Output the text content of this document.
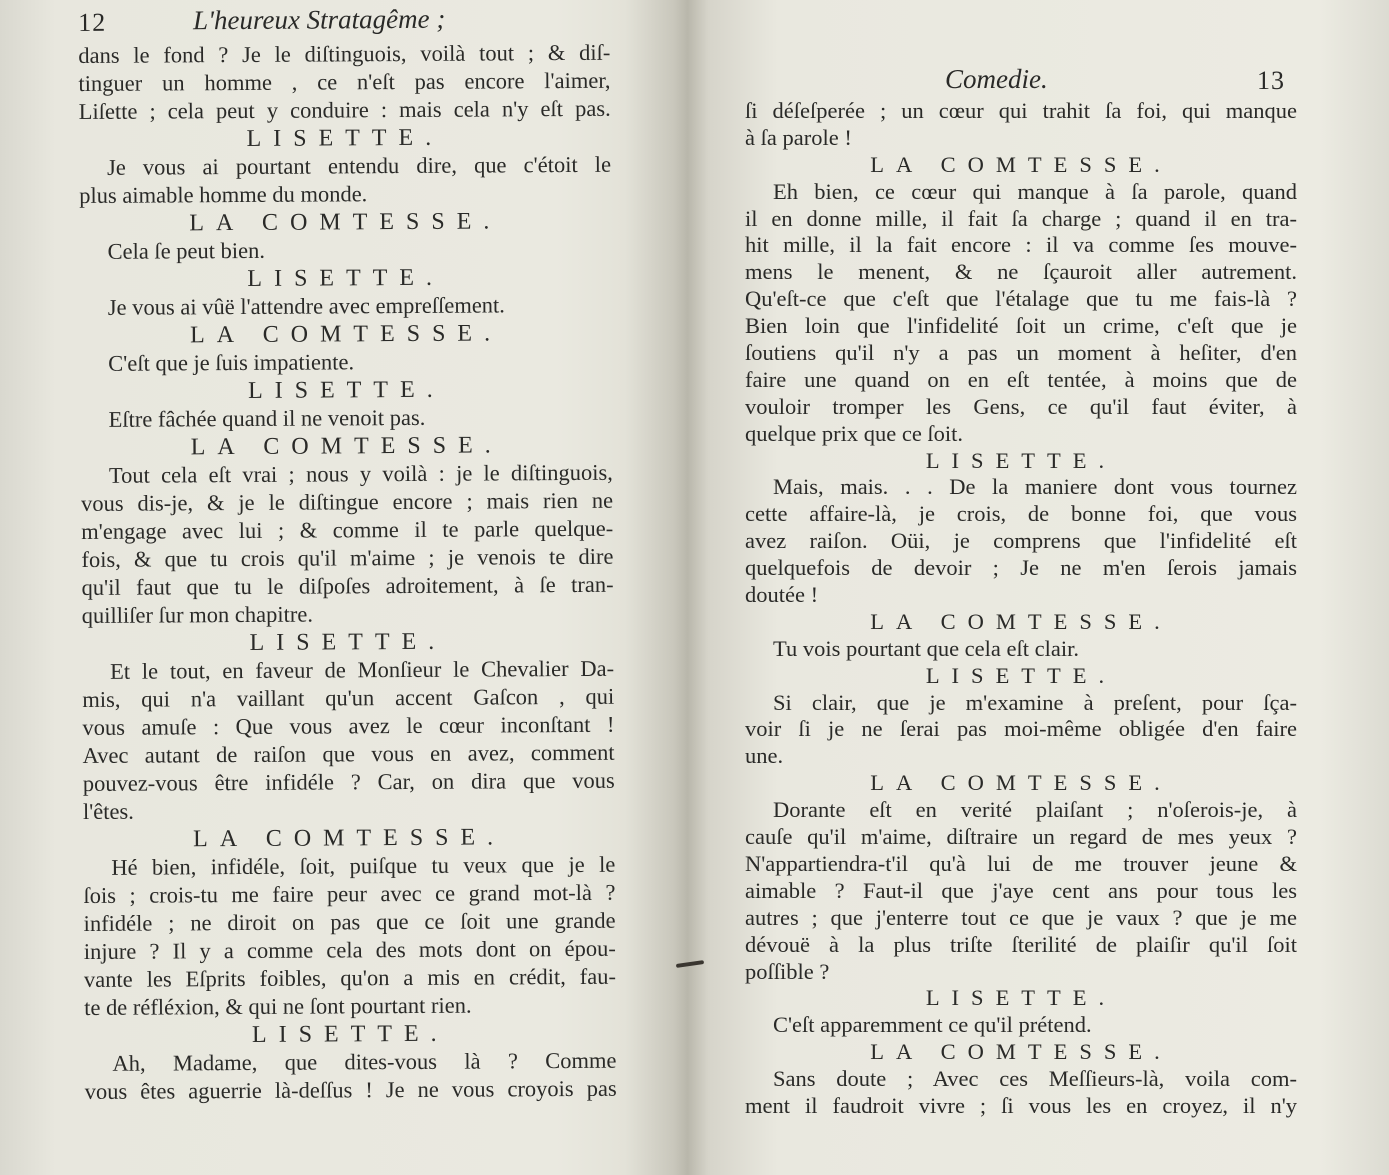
12	L'heureux Stratagême ;
dans le fond ? Je le diſtinguois, voilà tout ; & diſ-
tinguer un homme , ce n'eſt pas encore l'aimer,
Liſette ; cela peut y conduire : mais cela n'y eſt pas.
LISETTE.
Je vous ai pourtant entendu dire, que c'étoit le
plus aimable homme du monde.
LA COMTESSE.
Cela ſe peut bien.
LISETTE.
Je vous ai vûë l'attendre avec empreſſement.
LA COMTESSE.
C'eſt que je ſuis impatiente.
LISETTE.
Eſtre fâchée quand il ne venoit pas.
LA COMTESSE.
Tout cela eſt vrai ; nous y voilà : je le diſtinguois,
vous dis-je, & je le diſtingue encore ; mais rien ne
m'engage avec lui ; & comme il te parle quelque-
fois, & que tu crois qu'il m'aime ; je venois te dire
qu'il faut que tu le diſpoſes adroitement, à ſe tran-
quilliſer ſur mon chapitre.
LISETTE.
Et le tout, en faveur de Monſieur le Chevalier Da-
mis, qui n'a vaillant qu'un accent Gaſcon , qui
vous amuſe : Que vous avez le cœur inconſtant !
Avec autant de raiſon que vous en avez, comment
pouvez-vous être infidéle ? Car, on dira que vous
l'êtes.
LA COMTESSE.
Hé bien, infidéle, ſoit, puiſque tu veux que je le
ſois ; crois-tu me faire peur avec ce grand mot-là ?
infidéle ; ne diroit on pas que ce ſoit une grande
injure ? Il y a comme cela des mots dont on épou-
vante les Eſprits foibles, qu'on a mis en crédit, fau-
te de réfléxion, & qui ne ſont pourtant rien.
LISETTE.
Ah, Madame, que dites-vous là ? Comme
vous êtes aguerrie là-deſſus ! Je ne vous croyois pas
Comedie.	13
ſi déſeſperée ; un cœur qui trahit ſa foi, qui manque
à ſa parole !
LA COMTESSE.
Eh bien, ce cœur qui manque à ſa parole, quand
il en donne mille, il fait ſa charge ; quand il en tra-
hit mille, il la fait encore : il va comme ſes mouve-
mens le menent, & ne ſçauroit aller autrement.
Qu'eſt-ce que c'eſt que l'étalage que tu me fais-là ?
Bien loin que l'infidelité ſoit un crime, c'eſt que je
ſoutiens qu'il n'y a pas un moment à heſiter, d'en
faire une quand on en eſt tentée, à moins que de
vouloir tromper les Gens, ce qu'il faut éviter, à
quelque prix que ce ſoit.
LISETTE.
Mais, mais. . . De la maniere dont vous tournez
cette affaire-là, je crois, de bonne foi, que vous
avez raiſon. Oüi, je comprens que l'infidelité eſt
quelquefois de devoir ; Je ne m'en ſerois jamais
doutée !
LA COMTESSE.
Tu vois pourtant que cela eſt clair.
LISETTE.
Si clair, que je m'examine à preſent, pour ſça-
voir ſi je ne ſerai pas moi-même obligée d'en faire
une.
LA COMTESSE.
Dorante eſt en verité plaiſant ; n'oſerois-je, à
cauſe qu'il m'aime, diſtraire un regard de mes yeux ?
N'appartiendra-t'il qu'à lui de me trouver jeune &
aimable ? Faut-il que j'aye cent ans pour tous les
autres ; que j'enterre tout ce que je vaux ? que je me
dévouë à la plus triſte ſterilité de plaiſir qu'il ſoit
poſſible ?
LISETTE.
C'eſt apparemment ce qu'il prétend.
LA COMTESSE.
Sans doute ; Avec ces Meſſieurs-là, voila com-
ment il faudroit vivre ; ſi vous les en croyez, il n'y
